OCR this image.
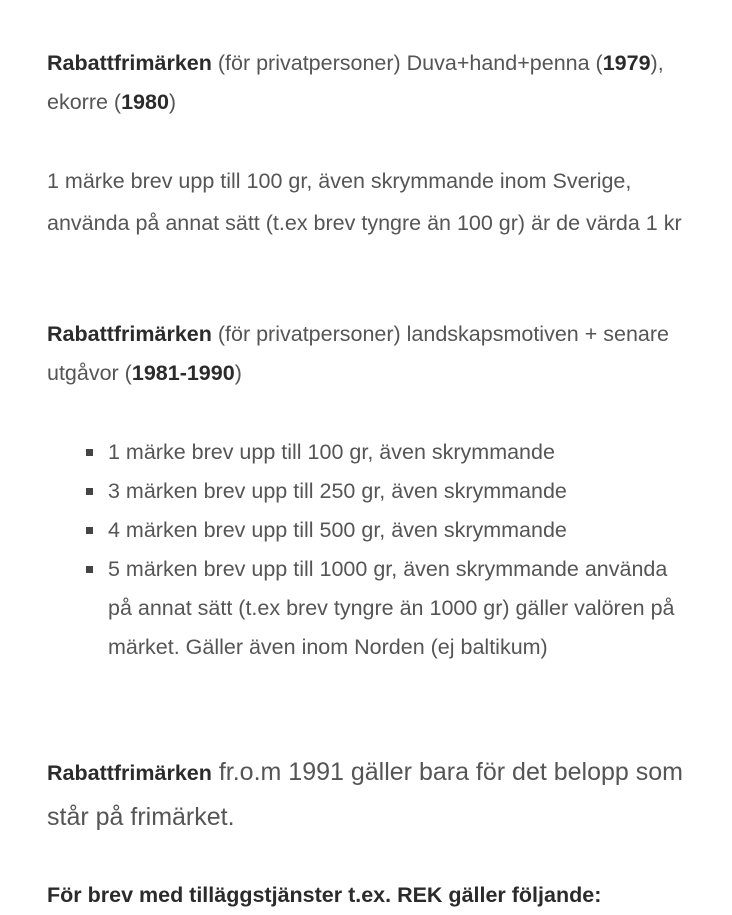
Rabattfrimärken (för privatpersoner) Duva+hand+penna (1979), ekorre (1980)

1 märke brev upp till 100 gr, även skrymmande inom Sverige, använda på annat sätt (t.ex brev tyngre än 100 gr) är de värda 1 kr

Rabattfrimärken (för privatpersoner) landskapsmotiven + senare utgåvor (1981-1990)

1 märke brev upp till 100 gr, även skrymmande
3 märken brev upp till 250 gr, även skrymmande
4 märken brev upp till 500 gr, även skrymmande
5 märken brev upp till 1000 gr, även skrymmande använda på annat sätt (t.ex brev tyngre än 1000 gr) gäller valören på märket. Gäller även inom Norden (ej baltikum)

Rabattfrimärken fr.o.m 1991 gäller bara för det belopp som står på frimärket.

För brev med tilläggstjänster t.ex. REK gäller följande:
